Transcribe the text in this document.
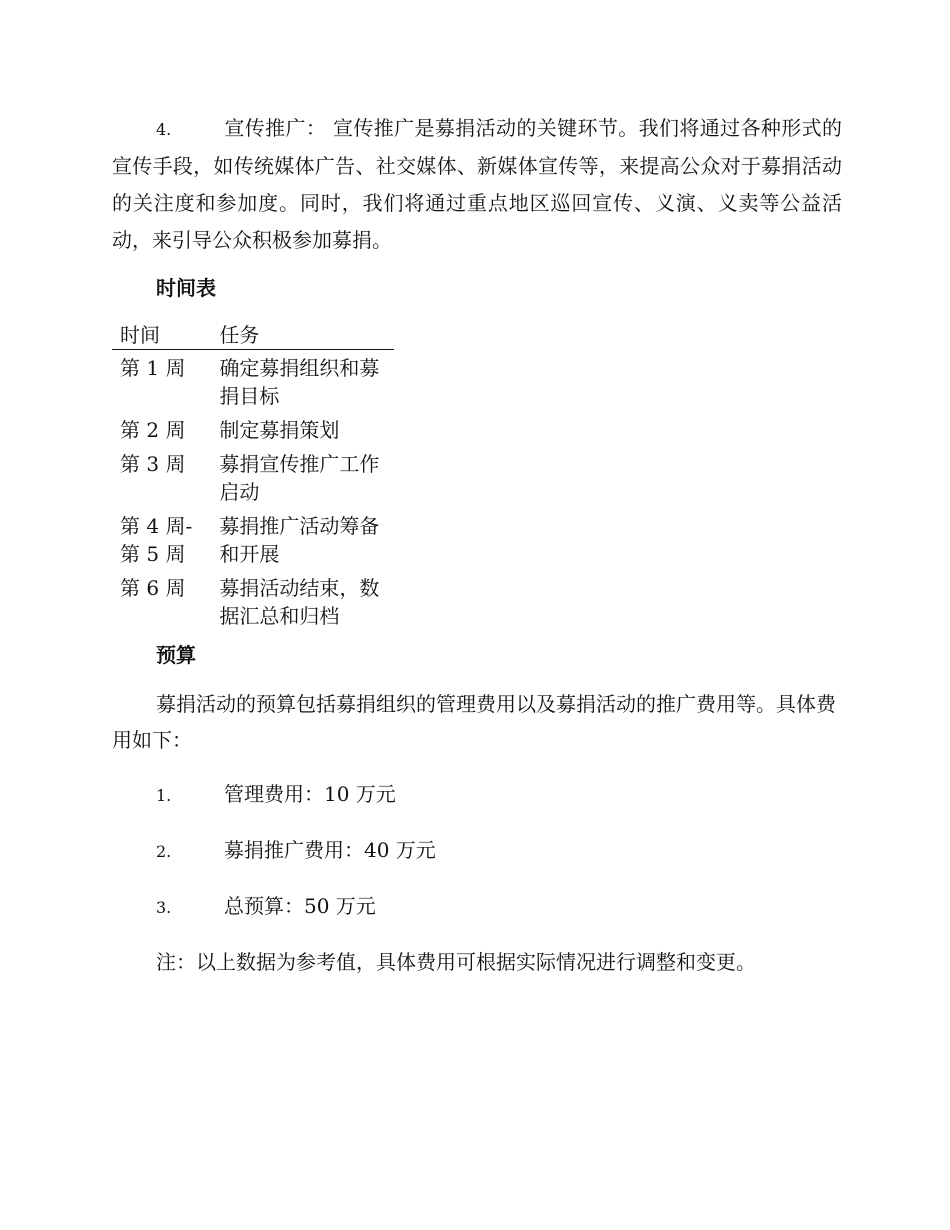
4.	宣传推广： 宣传推广是募捐活动的关键环节。我们将通过各种形式的宣传手段，如传统媒体广告、社交媒体、新媒体宣传等，来提高公众对于募捐活动的关注度和参加度。同时，我们将通过重点地区巡回宣传、义演、义卖等公益活动，来引导公众积极参加募捐。

时间表
时间	任务
第 1 周	确定募捐组织和募捐目标
第 2 周	制定募捐策划
第 3 周	募捐宣传推广工作启动
第 4 周-第 5 周	募捐推广活动筹备和开展
第 6 周	募捐活动结束，数据汇总和归档
预算

募捐活动的预算包括募捐组织的管理费用以及募捐活动的推广费用等。具体费用如下：

1.	管理费用：10 万元
2.	募捐推广费用：40 万元
3.	总预算：50 万元

注：以上数据为参考值，具体费用可根据实际情况进行调整和变更。
